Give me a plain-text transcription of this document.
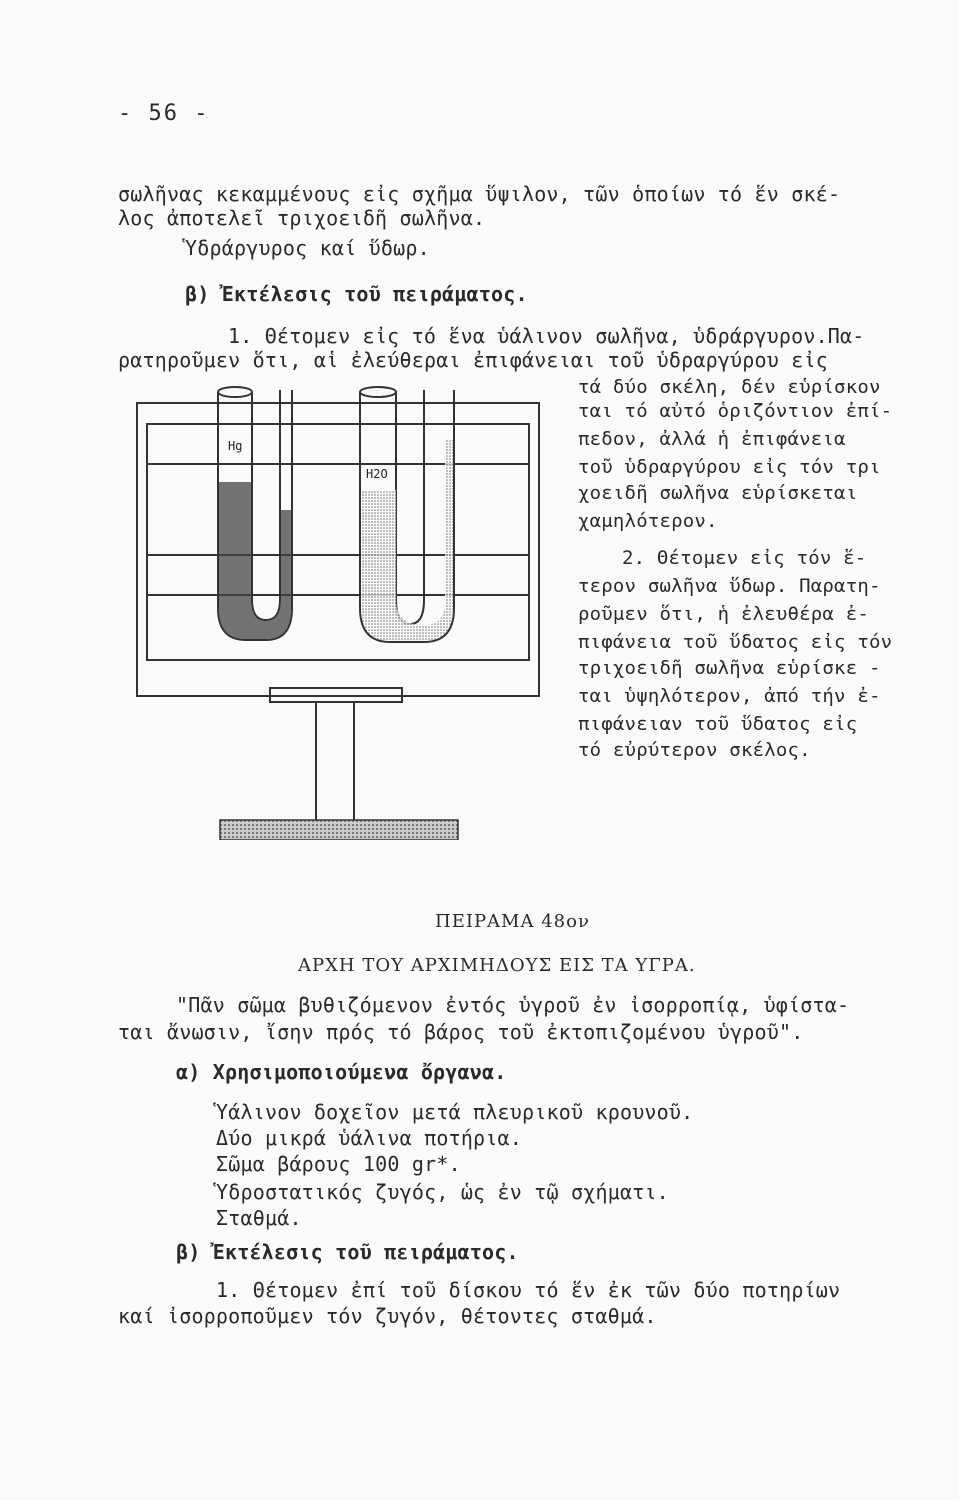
- 56 -
σωλῆνας κεκαμμένους εἰς σχῆμα ὕψιλον, τῶν ὁποίων τό ἕν σκέ-
λος ἀποτελεῖ τριχοειδῆ σωλῆνα.
Ὑδράργυρος καί ὕδωρ.
β) Ἐκτέλεσις τοῦ πειράματος.
1. Θέτομεν εἰς τό ἕνα ὑάλινον σωλῆνα, ὑδράργυρον.Πα-
ρατηροῦμεν ὅτι, αἱ ἐλεύθεραι ἐπιφάνειαι τοῦ ὑδραργύρου εἰς
τά δύο σκέλη, δέν εὑρίσκον
ται τό αὐτό ὁριζόντιον ἐπί-
πεδον, ἀλλά ἡ ἐπιφάνεια
τοῦ ὑδραργύρου εἰς τόν τρι
χοειδῆ σωλῆνα εὑρίσκεται
χαμηλότερον.
2. Θέτομεν εἰς τόν ἕ-
τερον σωλῆνα ὕδωρ. Παρατη-
ροῦμεν ὅτι, ἡ ἐλευθέρα ἐ-
πιφάνεια τοῦ ὕδατος εἰς τόν
τριχοειδῆ σωλῆνα εὑρίσκε -
ται ὑψηλότερον, ἀπό τήν ἐ-
πιφάνειαν τοῦ ὕδατος εἰς
τό εὐρύτερον σκέλος.
Hg
H2O
ΠΕΙΡΑΜΑ 48ον
ΑΡΧΗ ΤΟΥ ΑΡΧΙΜΗΔΟΥΣ ΕΙΣ ΤΑ ΥΓΡΑ.
"Πᾶν σῶμα βυθιζόμενον ἐντός ὑγροῦ ἐν ἰσορροπίᾳ, ὑφίστα-
ται ἄνωσιν, ἴσην πρός τό βάρος τοῦ ἐκτοπιζομένου ὑγροῦ".
α) Χρησιμοποιούμενα ὄργανα.
Ὑάλινον δοχεῖον μετά πλευρικοῦ κρουνοῦ.
Δύο μικρά ὑάλινα ποτήρια.
Σῶμα βάρους 100 gr*.
Ὑδροστατικός ζυγός, ὡς ἐν τῷ σχήματι.
Σταθμά.
β) Ἐκτέλεσις τοῦ πειράματος.
1. Θέτομεν ἐπί τοῦ δίσκου τό ἕν ἐκ τῶν δύο ποτηρίων
καί ἰσορροποῦμεν τόν ζυγόν, θέτοντες σταθμά.
